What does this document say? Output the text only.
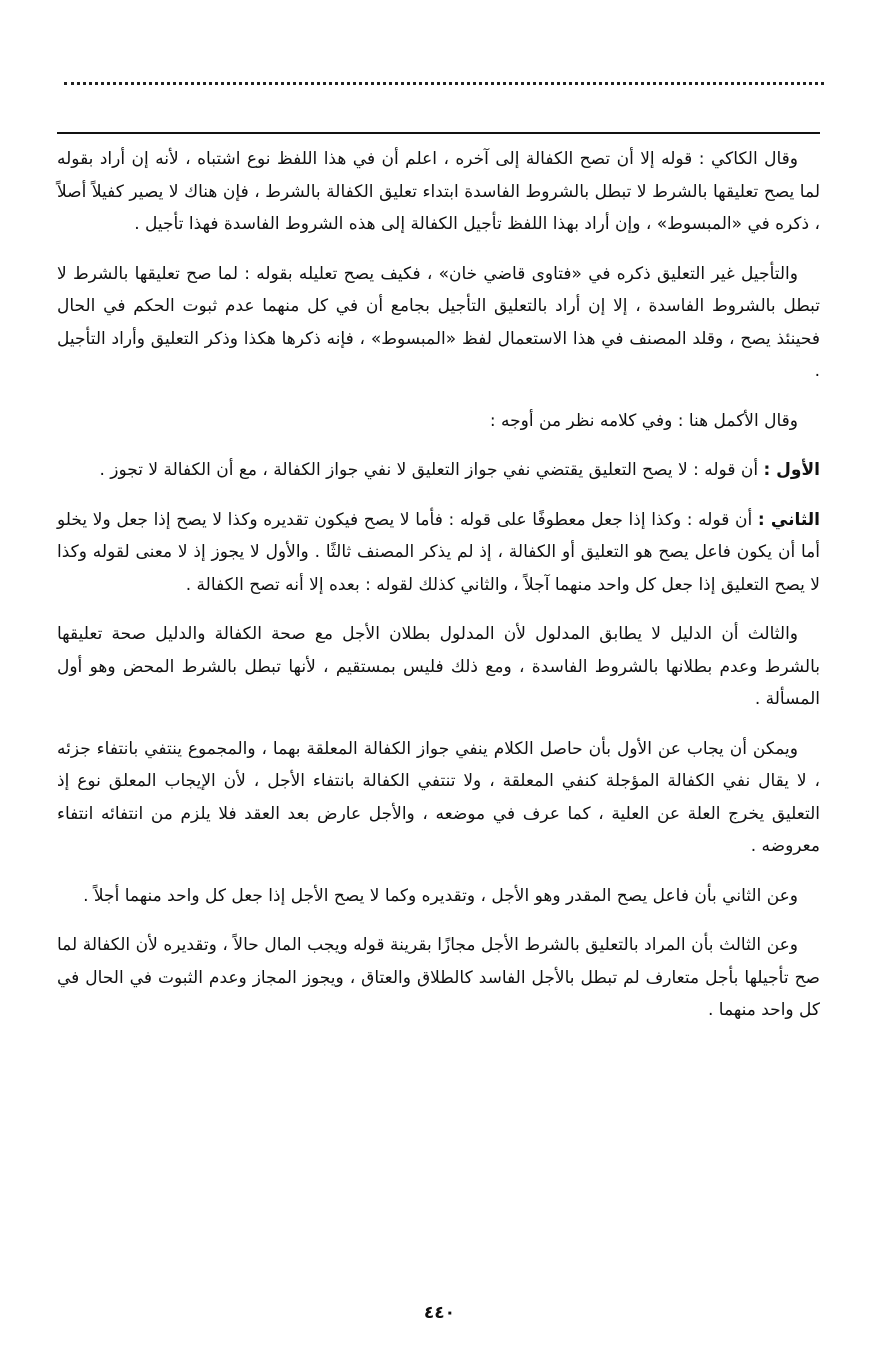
وقال الكاكي : قوله إلا أن تصح الكفالة إلى آخره ، اعلم أن في هذا اللفظ نوع اشتباه ، لأنه إن أراد بقوله لما يصح تعليقها بالشرط لا تبطل بالشروط الفاسدة ابتداء تعليق الكفالة بالشرط ، فإن هناك لا يصير كفيلاً أصلاً ، ذكره في «المبسوط» ، وإن أراد بهذا اللفظ تأجيل الكفالة إلى هذه الشروط الفاسدة فهذا تأجيل .

والتأجيل غير التعليق ذكره في «فتاوى قاضي خان» ، فكيف يصح تعليله بقوله : لما صح تعليقها بالشرط لا تبطل بالشروط الفاسدة ، إلا إن أراد بالتعليق التأجيل بجامع أن في كل منهما عدم ثبوت الحكم في الحال فحينئذ يصح ، وقلد المصنف في هذا الاستعمال لفظ «المبسوط» ، فإنه ذكرها هكذا وذكر التعليق وأراد التأجيل .

وقال الأكمل هنا : وفي كلامه نظر من أوجه :

الأول : أن قوله : لا يصح التعليق يقتضي نفي جواز التعليق لا نفي جواز الكفالة ، مع أن الكفالة لا تجوز .

الثاني : أن قوله : وكذا إذا جعل معطوفًا على قوله : فأما لا يصح فيكون تقديره وكذا لا يصح إذا جعل ولا يخلو أما أن يكون فاعل يصح هو التعليق أو الكفالة ، إذ لم يذكر المصنف ثالثًا . والأول لا يجوز إذ لا معنى لقوله وكذا لا يصح التعليق إذا جعل كل واحد منهما آجلاً ، والثاني كذلك لقوله : بعده إلا أنه تصح الكفالة .

والثالث أن الدليل لا يطابق المدلول لأن المدلول بطلان الأجل مع صحة الكفالة والدليل صحة تعليقها بالشرط وعدم بطلانها بالشروط الفاسدة ، ومع ذلك فليس بمستقيم ، لأنها تبطل بالشرط المحض وهو أول المسألة .

ويمكن أن يجاب عن الأول بأن حاصل الكلام ينفي جواز الكفالة المعلقة بهما ، والمجموع ينتفي بانتفاء جزئه ، لا يقال نفي الكفالة المؤجلة كنفي المعلقة ، ولا تنتفي الكفالة بانتفاء الأجل ، لأن الإيجاب المعلق نوع إذ التعليق يخرج العلة عن العلية ، كما عرف في موضعه ، والأجل عارض بعد العقد فلا يلزم من انتفائه انتفاء معروضه .

وعن الثاني بأن فاعل يصح المقدر وهو الأجل ، وتقديره وكما لا يصح الأجل إذا جعل كل واحد منهما أجلاً .

وعن الثالث بأن المراد بالتعليق بالشرط الأجل مجازًا بقرينة قوله ويجب المال حالاً ، وتقديره لأن الكفالة لما صح تأجيلها بأجل متعارف لم تبطل بالأجل الفاسد كالطلاق والعتاق ، ويجوز المجاز وعدم الثبوت في الحال في كل واحد منهما .

٤٤٠
